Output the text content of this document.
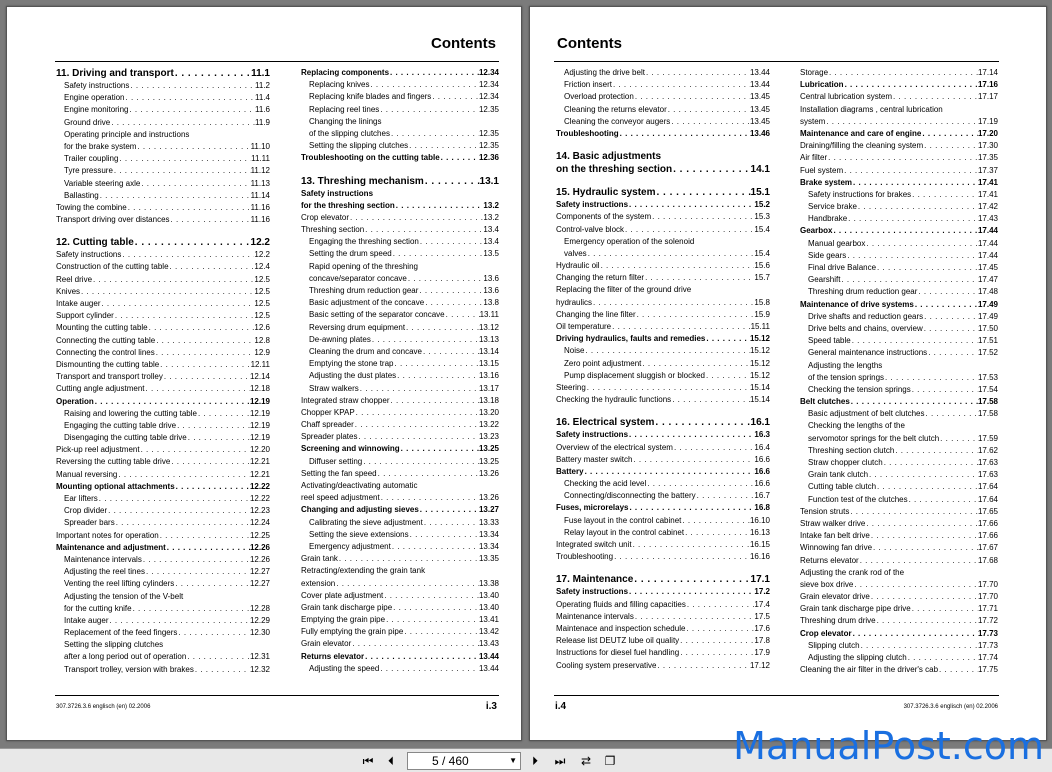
Contents
11. Driving and transport . . .	11.1
Safety instructions . . .	11.2
Engine operation . . .	11.4
Engine monitoring . . .	11.6
Ground drive . . .	11.9
Operating principle and instructions
for the brake system . . .	11.10
Trailer coupling . . .	11.11
Tyre pressure . . .	11.12
Variable steering axle . . .	11.13
Ballasting . . .	11.14
Towing the combine . . .	11.16
Transport driving over distances . . .	11.16
12. Cutting table . . .	12.2
Safety instructions . . .	12.2
Construction of the cutting table . . .	12.4
Reel drive . . .	12.5
Knives . . .	12.5
Intake auger . . .	12.5
Support cylinder . . .	12.5
Mounting the cutting table . . .	12.6
Connecting the cutting table . . .	12.8
Connecting the control lines . . .	12.9
Dismounting the cutting table . . .	12.11
Transport and transport trolley . . .	12.14
Cutting angle adjustment . . .	12.18
Operation . . .	12.19
Raising and lowering the cutting table . . .	12.19
Engaging the cutting table drive . . .	12.19
Disengaging the cutting table drive . . .	12.19
Pick-up reel adjustment . . .	12.20
Reversing the cutting table drive . . .	12.21
Manual reversing . . .	12.21
Mounting optional attachments . . .	12.22
Ear lifters . . .	12.22
Crop divider . . .	12.23
Spreader bars . . .	12.24
Important notes for operation . . .	12.25
Maintenance and adjustment . . .	12.26
Maintenance intervals . . .	12.26
Adjusting the reel tines . . .	12.27
Venting the reel lifting cylinders . . .	12.27
Adjusting the tension of the V-belt
for the cutting knife . . .	12.28
Intake auger . . .	12.29
Replacement of the feed fingers . . .	12.30
Setting the slipping clutches
after a long period out of operation . . .	12.31
Transport trolley, version with brakes . . .	12.32
Replacing components . . .	12.34
Replacing knives . . .	12.34
Replacing knife blades and fingers . . .	12.34
Replacing reel tines . . .	12.35
Changing the linings
of the slipping clutches . . .	12.35
Setting the slipping clutches . . .	12.35
Troubleshooting on the cutting table . . .	12.36
13. Threshing mechanism . . .	13.1
Safety instructions
for the threshing section . . .	13.2
Crop elevator . . .	13.2
Threshing section . . .	13.4
Engaging the threshing section . . .	13.4
Setting the drum speed . . .	13.5
Rapid opening of the threshing
concave/separator concave . . .	13.6
Threshing drum reduction gear . . .	13.6
Basic adjustment of the concave . . .	13.8
Basic setting of the separator concave . . .	13.11
Reversing drum equipment . . .	13.12
De-awning plates . . .	13.13
Cleaning the drum and concave . . .	13.14
Emptying the stone trap . . .	13.15
Adjusting the dust plates . . .	13.16
Straw walkers . . .	13.17
Integrated straw chopper . . .	13.18
Chopper KPAP . . .	13.20
Chaff spreader . . .	13.22
Spreader plates . . .	13.23
Screening and winnowing . . .	13.25
Diffuser setting . . .	13.25
Setting the fan speed . . .	13.26
Activating/deactivating automatic
reel speed adjustment . . .	13.26
Changing and adjusting sieves . . .	13.27
Calibrating the sieve adjustment . . .	13.33
Setting the sieve extensions . . .	13.34
Emergency adjustment . . .	13.34
Grain tank . . .	13.35
Retracting/extending the grain tank
extension . . .	13.38
Cover plate adjustment . . .	13.40
Grain tank discharge pipe . . .	13.40
Emptying the grain pipe . . .	13.41
Fully emptying the grain pipe . . .	13.42
Grain elevator . . .	13.43
Returns elevator . . .	13.44
Adjusting the speed . . .	13.44
307.3726.3.6 englisch (en) 02.2006	i.3
Contents
Adjusting the drive belt . . .	13.44
Friction insert . . .	13.44
Overload protection . . .	13.45
Cleaning the returns elevator . . .	13.45
Cleaning the conveyor augers . . .	13.45
Troubleshooting . . .	13.46
14. Basic adjustments
on the threshing section . . .	14.1
15. Hydraulic system . . .	15.1
Safety instructions . . .	15.2
Components of the system . . .	15.3
Control-valve block . . .	15.4
Emergency operation of the solenoid
valves . . .	15.4
Hydraulic oil . . .	15.6
Changing the return filter . . .	15.7
Replacing the filter of the ground drive
hydraulics . . .	15.8
Changing the line filter . . .	15.9
Oil temperature . . .	15.11
Driving hydraulics, faults and remedies . . .	15.12
Noise . . .	15.12
Zero point adjustment . . .	15.12
Pump displacement sluggish or blocked . . .	15.12
Steering . . .	15.14
Checking the hydraulic functions . . .	15.14
16. Electrical system . . .	16.1
Safety instructions . . .	16.3
Overview of the electrical system . . .	16.4
Battery master switch . . .	16.6
Battery . . .	16.6
Checking the acid level . . .	16.6
Connecting/disconnecting the battery . . .	16.7
Fuses, microrelays . . .	16.8
Fuse layout in the control cabinet . . .	16.10
Relay layout in the control cabinet . . .	16.13
Integrated switch unit . . .	16.15
Troubleshooting . . .	16.16
17. Maintenance . . .	17.1
Safety instructions . . .	17.2
Operating fluids and filling capacities . . .	17.4
Maintenance intervals . . .	17.5
Maintenace and inspection schedule . . .	17.6
Release list DEUTZ lube oil quality . . .	17.8
Instructions for diesel fuel handling . . .	17.9
Cooling system preservative . . .	17.12
Storage . . .	17.14
Lubrication . . .	17.16
Central lubrication system . . .	17.17
Installation diagrams , central lubrication
system . . .	17.19
Maintenance and care of engine . . .	17.20
Draining/filling the cleaning system . . .	17.30
Air filter . . .	17.35
Fuel system . . .	17.37
Brake system . . .	17.41
Safety instructions for brakes . . .	17.41
Service brake . . .	17.42
Handbrake . . .	17.43
Gearbox . . .	17.44
Manual gearbox . . .	17.44
Side gears . . .	17.44
Final drive Balance . . .	17.45
Gearshift . . .	17.47
Threshing drum reduction gear . . .	17.48
Maintenance of drive systems . . .	17.49
Drive shafts and reduction gears . . .	17.49
Drive belts and chains, overview . . .	17.50
Speed table . . .	17.51
General maintenance instructions . . .	17.52
Adjusting the lengths
of the tension springs . . .	17.53
Checking the tension springs . . .	17.54
Belt clutches . . .	17.58
Basic adjustment of belt clutches . . .	17.58
Checking the lengths of the
servomotor springs for the belt clutch . . .	17.59
Threshing section clutch . . .	17.62
Straw chopper clutch . . .	17.63
Grain tank clutch . . .	17.63
Cutting table clutch . . .	17.64
Function test of the clutches . . .	17.64
Tension struts . . .	17.65
Straw walker drive . . .	17.66
Intake fan belt drive . . .	17.66
Winnowing fan drive . . .	17.67
Returns elevator . . .	17.68
Adjusting the crank rod of the
sieve box drive . . .	17.70
Grain elevator drive . . .	17.70
Grain tank discharge pipe drive . . .	17.71
Threshing drum drive . . .	17.72
Crop elevator . . .	17.73
Slipping clutch . . .	17.73
Adjusting the slipping clutch . . .	17.74
Cleaning the air filter in the driver's cab . . .	17.75
i.4	307.3726.3.6 englisch (en) 02.2006
⏮	⏴	5 / 460	▼	⏵	⏭ ⇄ ❐	ManualPost.com
